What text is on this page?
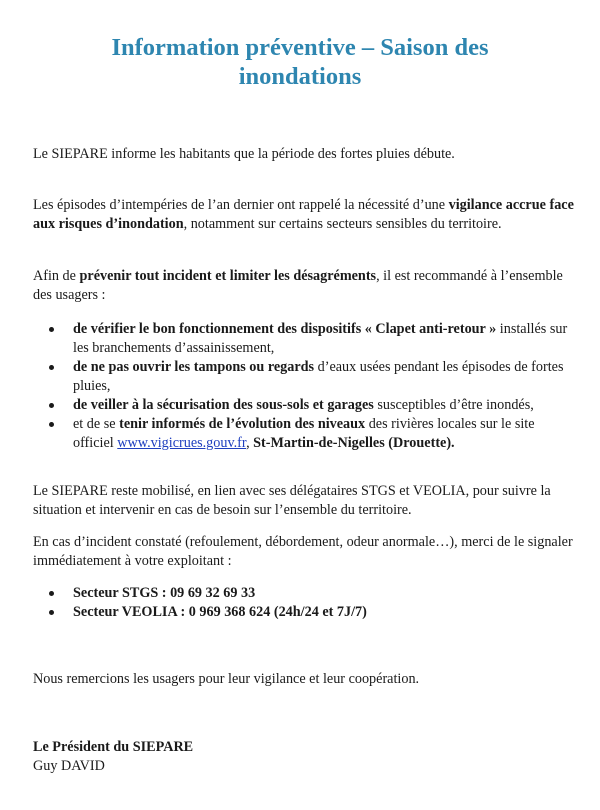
Information préventive – Saison des inondations

Le SIEPARE informe les habitants que la période des fortes pluies débute.

Les épisodes d’intempéries de l’an dernier ont rappelé la nécessité d’une vigilance accrue face aux risques d’inondation, notamment sur certains secteurs sensibles du territoire.

Afin de prévenir tout incident et limiter les désagréments, il est recommandé à l’ensemble des usagers :

de vérifier le bon fonctionnement des dispositifs « Clapet anti-retour » installés sur les branchements d’assainissement,
de ne pas ouvrir les tampons ou regards d’eaux usées pendant les épisodes de fortes pluies,
de veiller à la sécurisation des sous-sols et garages susceptibles d’être inondés,
et de se tenir informés de l’évolution des niveaux des rivières locales sur le site officiel www.vigicrues.gouv.fr, St-Martin-de-Nigelles (Drouette).

Le SIEPARE reste mobilisé, en lien avec ses délégataires STGS et VEOLIA, pour suivre la situation et intervenir en cas de besoin sur l’ensemble du territoire.

En cas d’incident constaté (refoulement, débordement, odeur anormale…), merci de le signaler immédiatement à votre exploitant :

Secteur STGS : 09 69 32 69 33
Secteur VEOLIA : 0 969 368 624 (24h/24 et 7J/7)

Nous remercions les usagers pour leur vigilance et leur coopération.

Le Président du SIEPARE
Guy DAVID
